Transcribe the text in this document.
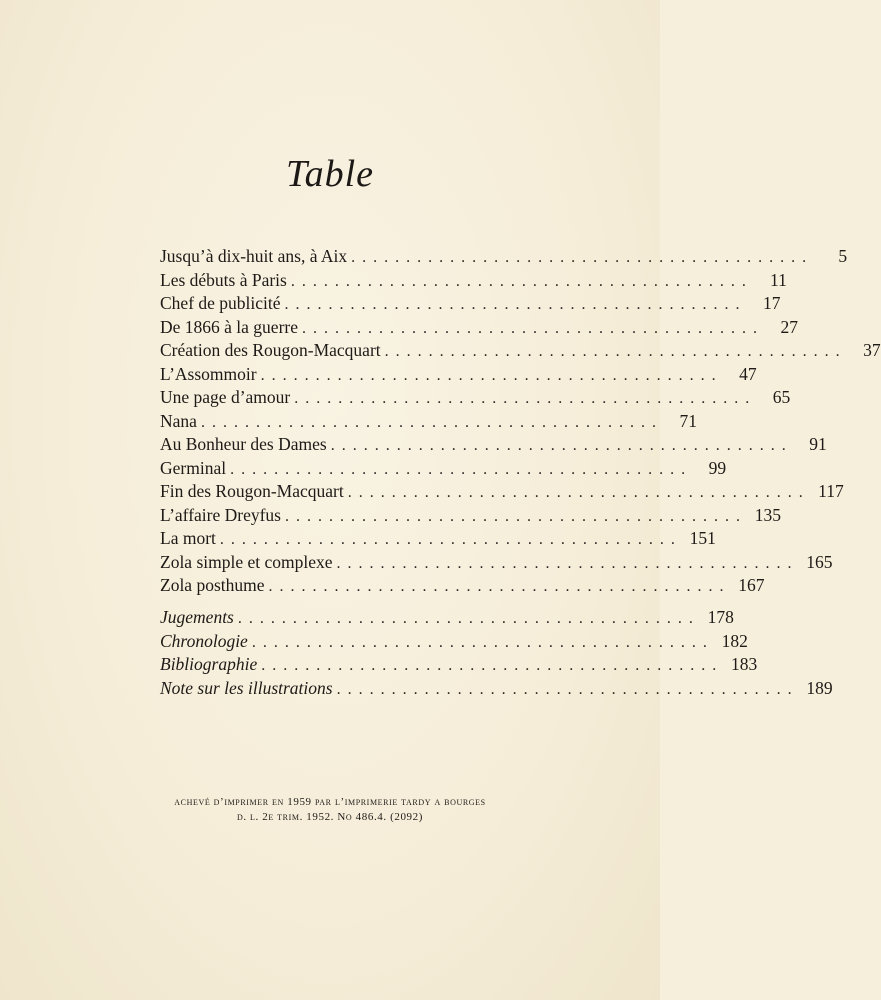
Table
Jusqu’à dix-huit ans, à Aix ..........................................	5
Les débuts à Paris .......................................... 11
Chef de publicité .......................................... 17
De 1866 à la guerre .......................................... 27
Création des Rougon-Macquart .......................................... 37
L’Assommoir .......................................... 47
Une page d’amour .......................................... 65
Nana .......................................... 71
Au Bonheur des Dames .......................................... 91
Germinal .......................................... 99
Fin des Rougon-Macquart .......................................... 117
L’affaire Dreyfus .......................................... 135
La mort .......................................... 151
Zola simple et complexe .......................................... 165
Zola posthume .......................................... 167
Jugements .......................................... 178
Chronologie .......................................... 182
Bibliographie .......................................... 183
Note sur les illustrations .......................................... 189
achevé d’imprimer en 1959 par l’imprimerie tardy a bourges
d. l. 2e trim. 1952. No 486.4. (2092)
